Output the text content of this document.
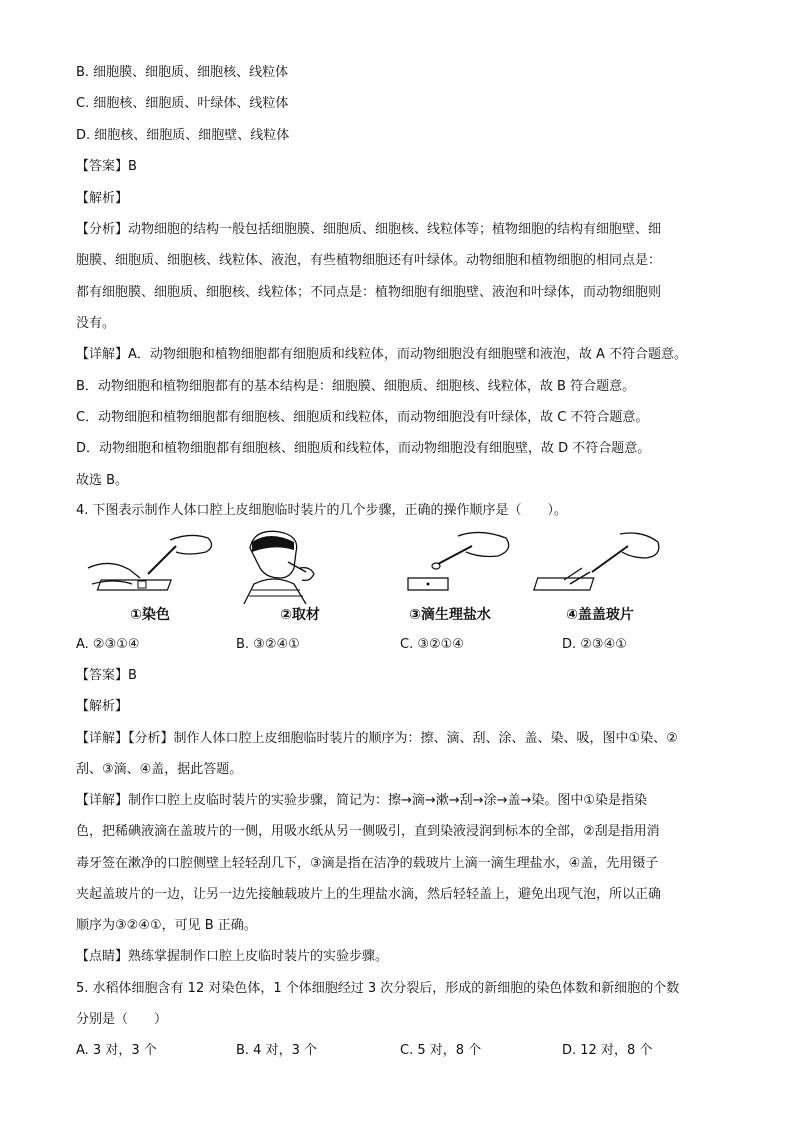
B. 细胞膜、细胞质、细胞核、线粒体
C. 细胞核、细胞质、叶绿体、线粒体
D. 细胞核、细胞质、细胞壁、线粒体
【答案】B
【解析】
【分析】动物细胞的结构一般包括细胞膜、细胞质、细胞核、线粒体等；植物细胞的结构有细胞壁、细
胞膜、细胞质、细胞核、线粒体、液泡，有些植物细胞还有叶绿体。动物细胞和植物细胞的相同点是：
都有细胞膜、细胞质、细胞核、线粒体；不同点是：植物细胞有细胞壁、液泡和叶绿体，而动物细胞则
没有。
【详解】A．动物细胞和植物细胞都有细胞质和线粒体，而动物细胞没有细胞壁和液泡，故 A 不符合题意。
B．动物细胞和植物细胞都有的基本结构是：细胞膜、细胞质、细胞核、线粒体，故 B 符合题意。
C．动物细胞和植物细胞都有细胞核、细胞质和线粒体，而动物细胞没有叶绿体，故 C 不符合题意。
D．动物细胞和植物细胞都有细胞核、细胞质和线粒体，而动物细胞没有细胞壁，故 D 不符合题意。
故选 B。
4. 下图表示制作人体口腔上皮细胞临时装片的几个步骤，正确的操作顺序是（　　）。
①染色	②取材	③滴生理盐水	④盖盖玻片
A. ②③①④	B. ③②④①	C. ③②①④	D. ②③④①
【答案】B
【解析】
【详解】【分析】制作人体口腔上皮细胞临时装片的顺序为：擦、滴、刮、涂、盖、染、吸，图中①染、②
刮、③滴、④盖，据此答题。
【详解】制作口腔上皮临时装片的实验步骤，简记为：擦→滴→漱→刮→涂→盖→染。图中①染是指染
色，把稀碘液滴在盖玻片的一侧，用吸水纸从另一侧吸引，直到染液浸润到标本的全部，②刮是指用消
毒牙签在漱净的口腔侧壁上轻轻刮几下，③滴是指在洁净的载玻片上滴一滴生理盐水，④盖，先用镊子
夹起盖玻片的一边，让另一边先接触载玻片上的生理盐水滴，然后轻轻盖上，避免出现气泡，所以正确
顺序为③②④①，可见 B 正确。
【点睛】熟练掌握制作口腔上皮临时装片的实验步骤。
5. 水稻体细胞含有 12 对染色体，1 个体细胞经过 3 次分裂后，形成的新细胞的染色体数和新细胞的个数
分别是（　　）
A. 3 对，3 个	B. 4 对，3 个	C. 5 对，8 个	D. 12 对，8 个
